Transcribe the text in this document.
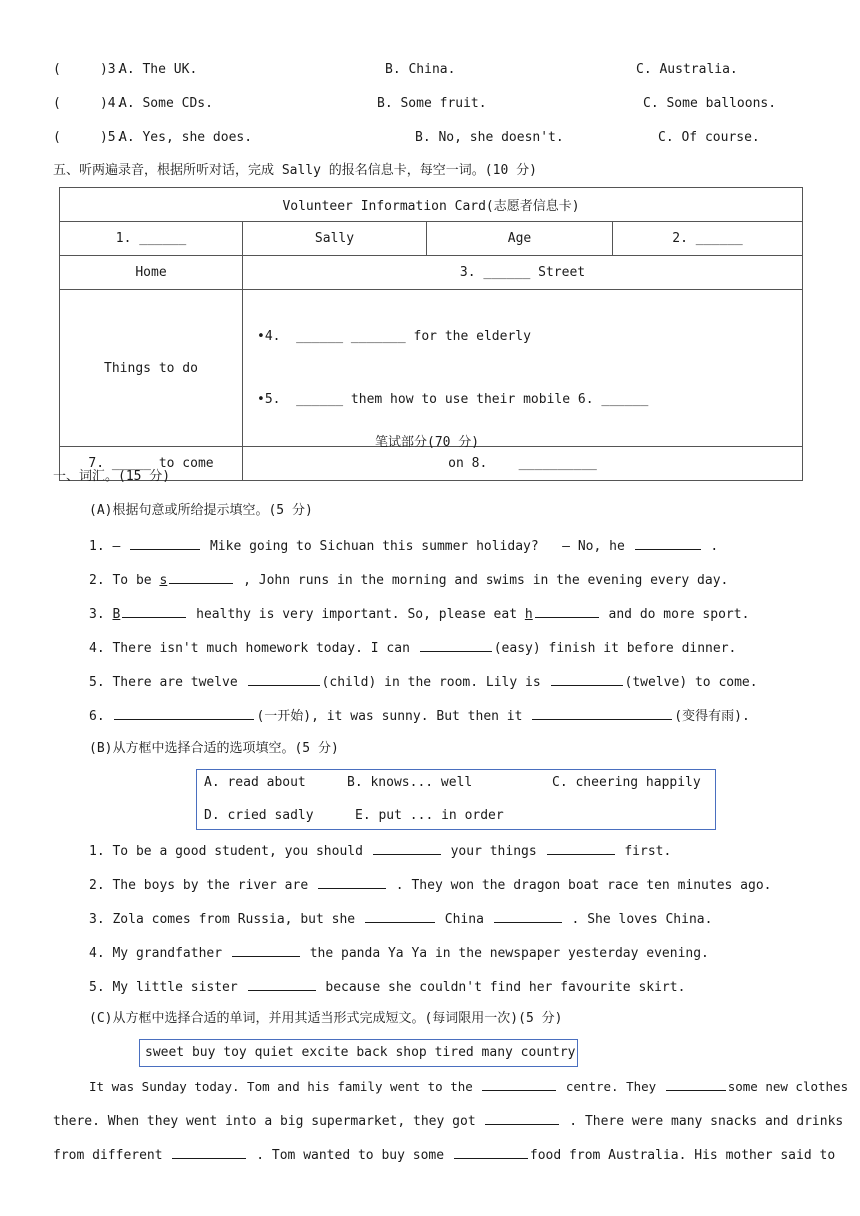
(     )3.
A. The UK.	B. China.	C. Australia.
(     )4.
A. Some CDs.	B. Some fruit.	C. Some balloons.
(     )5.
A. Yes, she does.	B. No, she doesn't.	C. Of course.
五、听两遍录音，根据所听对话，完成 Sally 的报名信息卡，每空一词。(10 分)
Volunteer Information Card(志愿者信息卡)			
1. ______	Sally	Age	2. ______
Home	3. ______ Street		
Things to do	•4.  ______ _______ for the elderly

•5.  ______ them how to use their mobile 6. ______		

7. _____ to come	on 8.    __________		
笔试部分(70 分)
一、词汇。(15 分)
(A)根据句意或所给提示填空。(5 分)
1. —	Mike going to Sichuan this summer holiday?   — No, he	.
2. To be s	, John runs in the morning and swims in the evening every day.
3. B	healthy is very important. So, please eat h	and do more sport.
4. There isn't much homework today. I can	(easy) finish it before dinner.
5. There are twelve	(child) in the room. Lily is	(twelve) to come.
6.	(一开始), it was sunny. But then it	(变得有雨).
(B)从方框中选择合适的选项填空。(5 分)
A. read about	B. knows... well	C. cheering happily
D. cried sadly	E. put ... in order
1. To be a good student, you should	your things	first.
2. The boys by the river are	. They won the dragon boat race ten minutes ago.
3. Zola comes from Russia, but she	China	. She loves China.
4. My grandfather	the panda Ya Ya in the newspaper yesterday evening.
5. My little sister	because she couldn't find her favourite skirt.
(C)从方框中选择合适的单词，并用其适当形式完成短文。(每词限用一次)(5 分)
sweet buy toy quiet excite back shop tired many country
It was Sunday today. Tom and his family went to the	centre. They	some new clothes
there. When they went into a big supermarket, they got	. There were many snacks and drinks
from different	. Tom wanted to buy some	food from Australia. His mother said to
